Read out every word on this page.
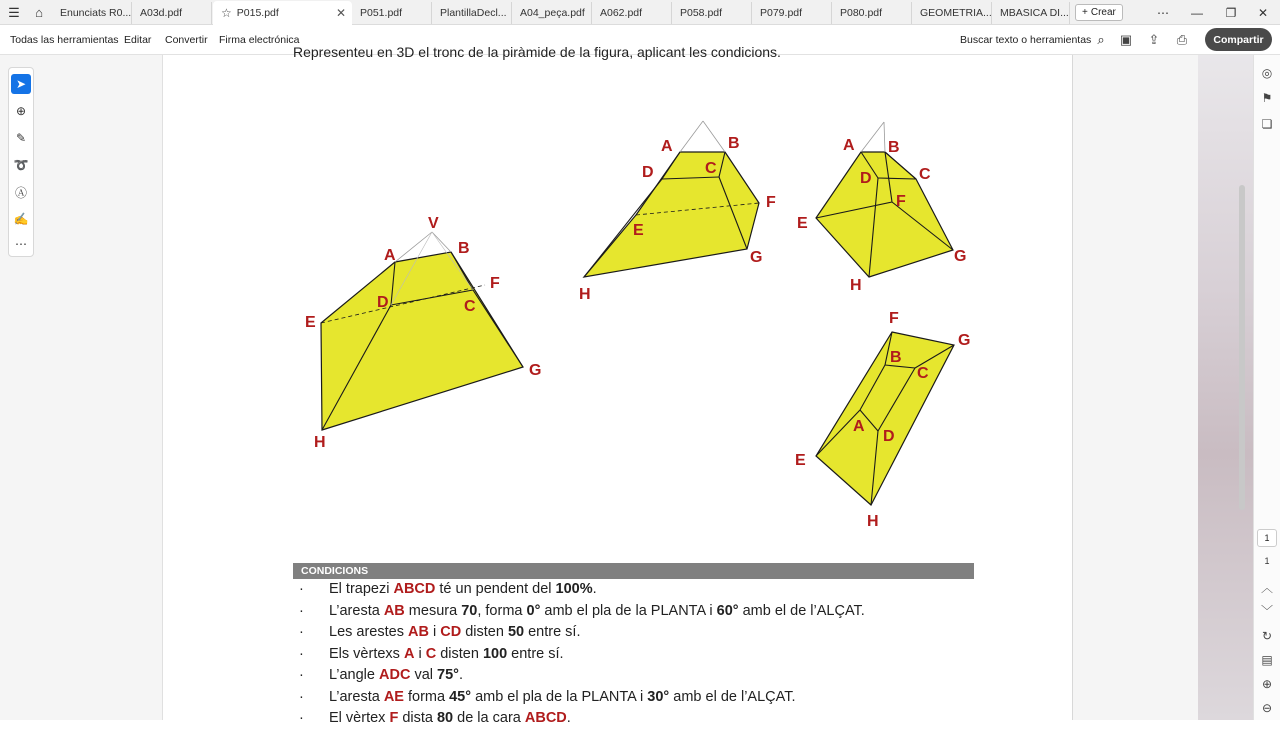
☰	⌂	Enunciats R0... A03d.pdf	☆ P015.pdf	✕ P051.pdf	PlantillaDecl... A04_peça.pdf A062.pdf	P058.pdf	P079.pdf	P080.pdf	GEOMETRIA... MBASICA DI... + Crear	⋯	—	❐	✕
Todas las herramientas Editar Convertir Firma electrónica	Buscar texto o herramientas ⌕	▣	⇪	⎙	Compartir
➤
⊕
✎
➰
Ⓐ
✍
⋯
Representeu en 3D el tronc de la piràmide de la figura, aplicant les condicions.
V
A	B
D	C
F
E
G
H
A	B
D	C
F
E
G
H
A B
D	C
F
E
G
H
F
G
B
C
A
D
E
H
CONDICIONS
· El trapezi ABCD té un pendent del 100%.
· L’aresta AB mesura 70, forma 0° amb el pla de la PLANTA i 60° amb el de l’ALÇAT.
· Les arestes AB i CD disten 50 entre sí.
· Els vèrtexs A i C disten 100 entre sí.
· L’angle ADC val 75°.
· L’aresta AE forma 45° amb el pla de la PLANTA i 30° amb el de l’ALÇAT.
· El vèrtex F dista 80 de la cara ABCD.
◎
⚑
❏
1
1
︿
﹀
↻
▤
⊕
⊖
